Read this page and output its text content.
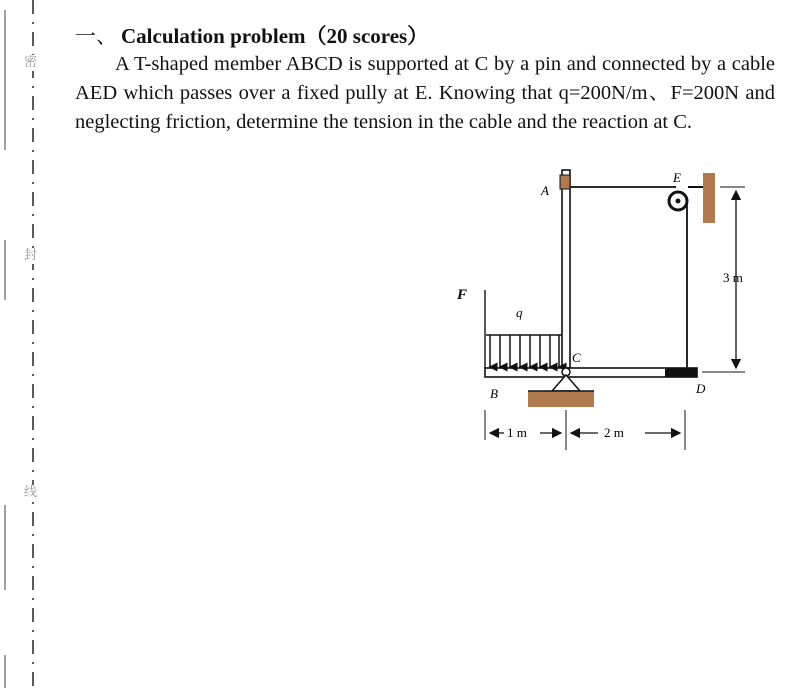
密
封
线
一、 Calculation problem（20 scores）

A T-shaped member ABCD is supported at C by a pin and connected by a cable AED which passes over a fixed pully at E. Knowing that q=200N/m、F=200N and neglecting friction, determine the tension in the cable and the reaction at C.

A
E
F
q
C
B	D
3 m
1 m	2 m
